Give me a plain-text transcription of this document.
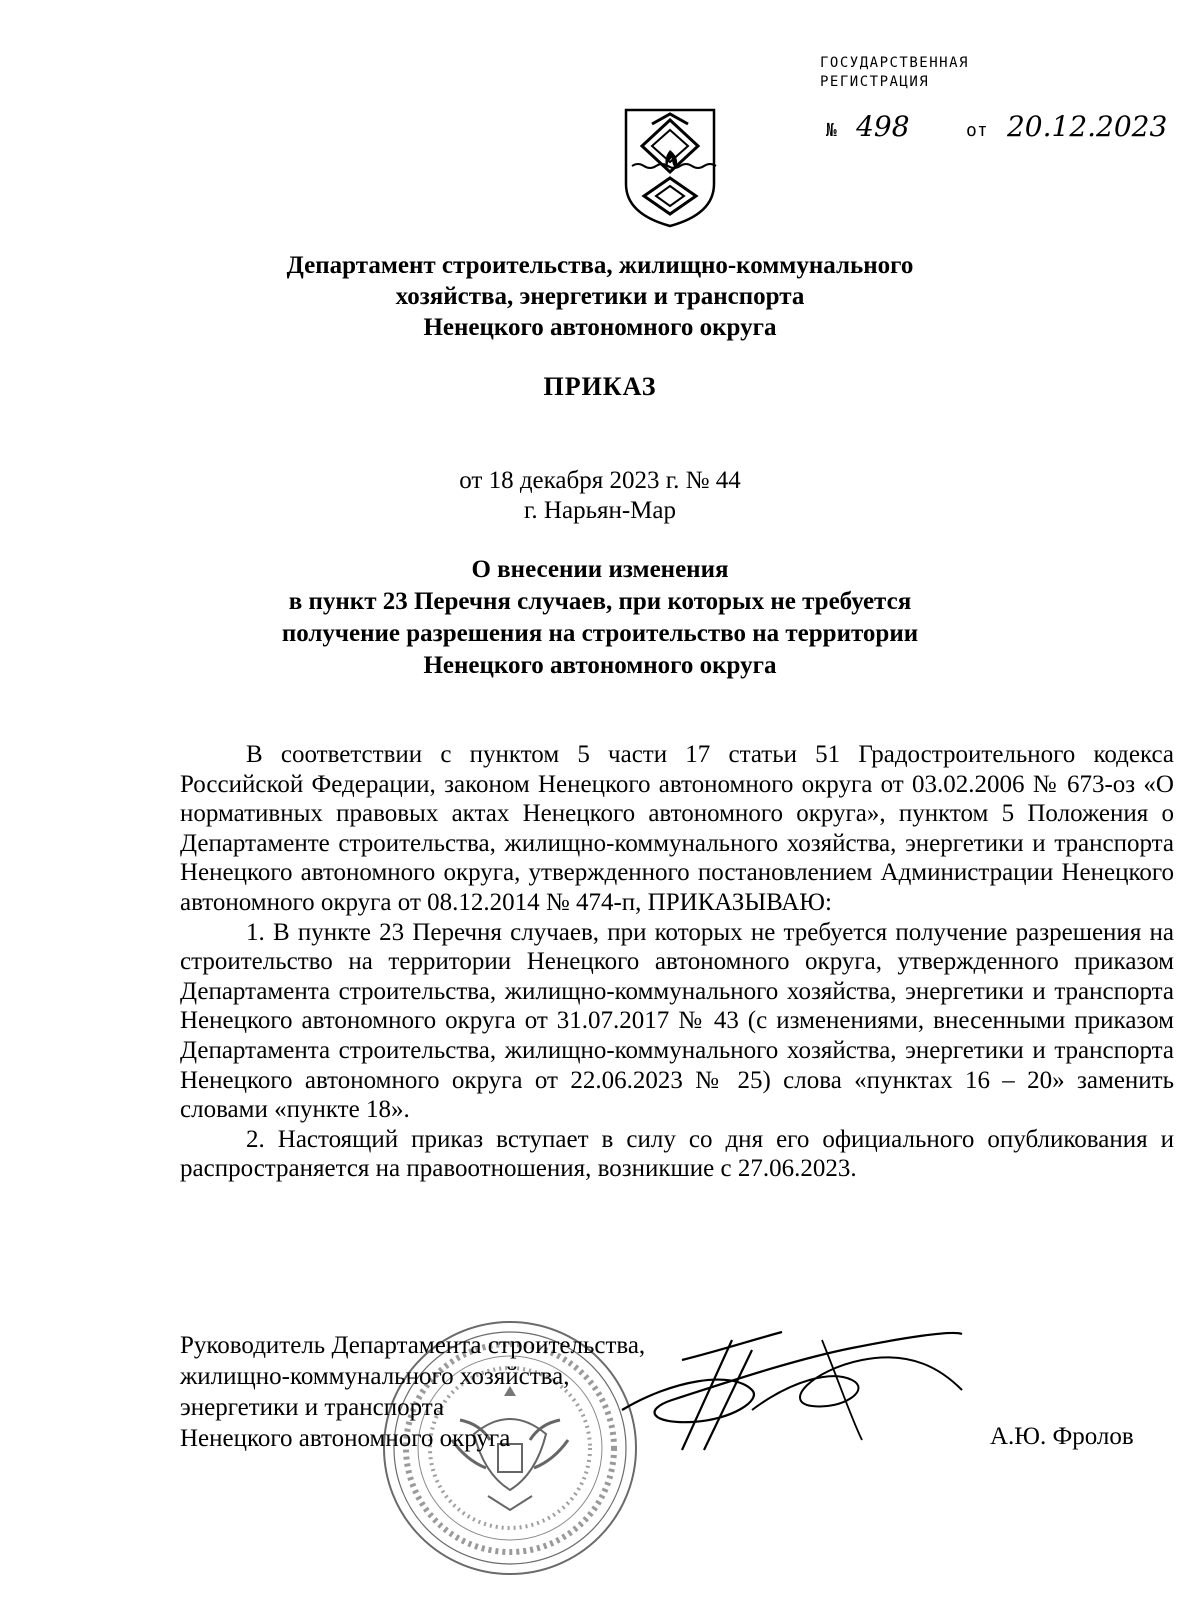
ГОСУДАРСТВЕННАЯ
РЕГИСТРАЦИЯ
№ 498	от 20.12.2023
Департамент строительства, жилищно-коммунального
хозяйства, энергетики и транспорта
Ненецкого автономного округа
ПРИКАЗ
от 18 декабря 2023 г. № 44
г. Нарьян-Мар
О внесении изменения
в пункт 23 Перечня случаев, при которых не требуется
получение разрешения на строительство на территории
Ненецкого автономного округа

В соответствии с пунктом 5 части 17 статьи 51 Градостроительного кодекса Российской Федерации, законом Ненецкого автономного округа от 03.02.2006 № 673-оз «О нормативных правовых актах Ненецкого автономного округа», пунктом 5 Положения о Департаменте строительства, жилищно-коммунального хозяйства, энергетики и транспорта Ненецкого автономного округа, утвержденного постановлением Администрации Ненецкого автономного округа от 08.12.2014 № 474-п, ПРИКАЗЫВАЮ:

1. В пункте 23 Перечня случаев, при которых не требуется получение разрешения на строительство на территории Ненецкого автономного округа, утвержденного приказом Департамента строительства, жилищно-коммунального хозяйства, энергетики и транспорта Ненецкого автономного округа от 31.07.2017 № 43 (с изменениями, внесенными приказом Департамента строительства, жилищно-коммунального хозяйства, энергетики и транспорта Ненецкого автономного округа от 22.06.2023 № 25) слова «пунктах 16 – 20» заменить словами «пункте 18».

2. Настоящий приказ вступает в силу со дня его официального опубликования и распространяется на правоотношения, возникшие с 27.06.2023.

Руководитель Департамента строительства,
жилищно-коммунального хозяйства,
энергетики и транспорта
Ненецкого автономного округа	А.Ю. Фролов
